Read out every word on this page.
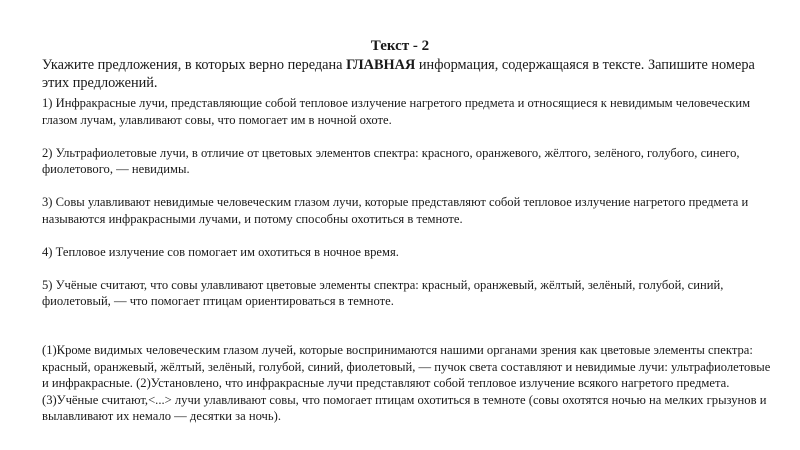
Текст - 2
Укажите предложения, в которых верно передана ГЛАВНАЯ информация, содержащаяся в тексте. Запишите номера этих предложений.

1) Инфракрасные лучи, представляющие собой тепловое излучение нагретого предмета и относящиеся к невидимым человеческим глазом лучам, улавливают совы, что помогает им в ночной охоте.

2) Ультрафиолетовые лучи, в отличие от цветовых элементов спектра: красного, оранжевого, жёлтого, зелёного, голубого, синего, фиолетового, — невидимы.

3) Совы улавливают невидимые человеческим глазом лучи, которые представляют собой тепловое излучение нагретого предмета и называются инфракрасными лучами, и потому способны охотиться в темноте.

4) Тепловое излучение сов помогает им охотиться в ночное время.

5) Учёные считают, что совы улавливают цветовые элементы спектра: красный, оранжевый, жёлтый, зелёный, голубой, синий, фиолетовый, — что помогает птицам ориентироваться в темноте.

(1)Кроме видимых человеческим глазом лучей, которые воспринимаются нашими органами зрения как цветовые элементы спектра: красный, оранжевый, жёлтый, зелёный, голубой, синий, фиолетовый, — пучок света составляют и невидимые лучи: ультрафиолетовые и инфракрасные. (2)Установлено, что инфракрасные лучи представляют собой тепловое излучение всякого нагретого предмета.(3)Учёные считают,<...> лучи улавливают совы, что помогает птицам охотиться в темноте (совы охотятся ночью на мелких грызунов и вылавливают их немало — десятки за ночь).
